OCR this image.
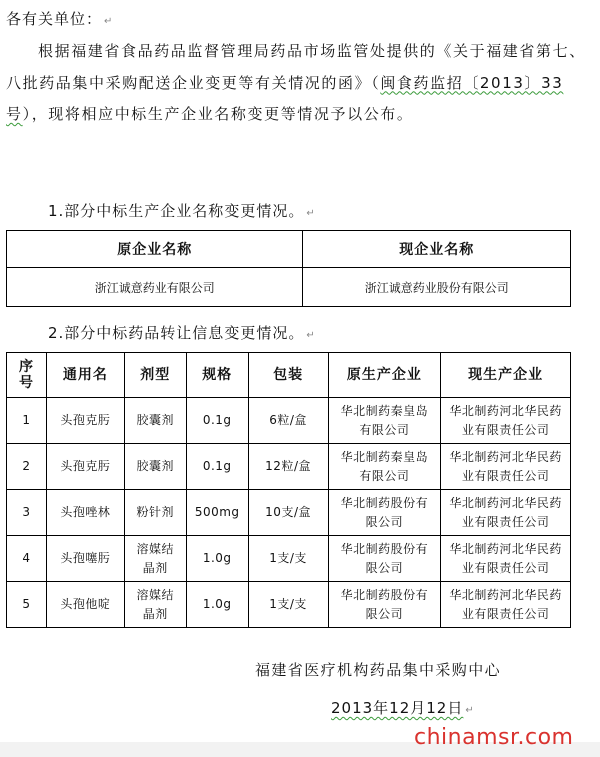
各有关单位： ↵
根据福建省食品药品监督管理局药品市场监管处提供的《关于福建省第七、八批药品集中采购配送企业变更等有关情况的函》（闽食药监招〔2013〕33号），现将相应中标生产企业名称变更等情况予以公布。
1.部分中标生产企业名称变更情况。 ↵
原企业名称	现企业名称
浙江诚意药业有限公司	浙江诚意药业股份有限公司
2.部分中标药品转让信息变更情况。 ↵
序号	通用名	剂型	规格	包装	原生产企业	现生产企业
1	头孢克肟	胶囊剂	0.1g	6粒/盒	华北制药秦皇岛有限公司	华北制药河北华民药业有限责任公司
2	头孢克肟	胶囊剂	0.1g	12粒/盒	华北制药秦皇岛有限公司	华北制药河北华民药业有限责任公司
3	头孢唑林	粉针剂	500mg	10支/盒	华北制药股份有限公司	华北制药河北华民药业有限责任公司
4	头孢噻肟	溶媒结晶剂	1.0g	1支/支	华北制药股份有限公司	华北制药河北华民药业有限责任公司
5	头孢他啶	溶媒结晶剂	1.0g	1支/支	华北制药股份有限公司	华北制药河北华民药业有限责任公司
福建省医疗机构药品集中采购中心
2013年12月12日 ↵
chinamsr.com
